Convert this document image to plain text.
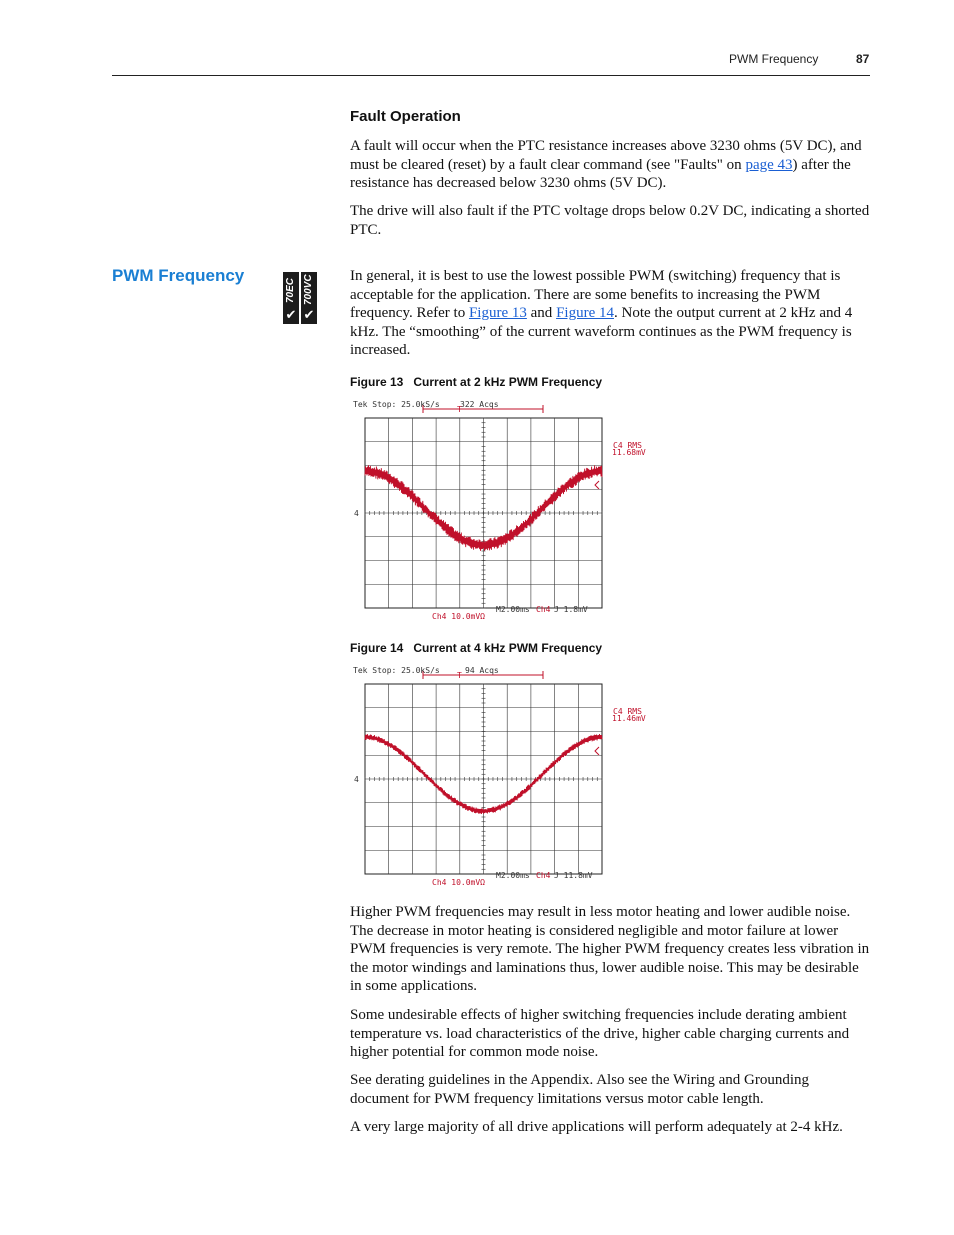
PWM Frequency	87
Fault Operation

A fault will occur when the PTC resistance increases above 3230 ohms (5V DC), and must be cleared (reset) by a fault clear command (see "Faults" on page 43) after the resistance has decreased below 3230 ohms (5V DC).

The drive will also fault if the PTC voltage drops below 0.2V DC, indicating a shorted PTC.

PWM Frequency
70EC
✔
700VC
✔

In general, it is best to use the lowest possible PWM (switching) frequency that is acceptable for the application. There are some benefits to increasing the PWM frequency. Refer to Figure 13 and Figure 14. Note the output current at 2 kHz and 4 kHz. The “smoothing” of the current waveform continues as the PWM frequency is increased.

Figure 13 Current at 2 kHz PWM Frequency
Tek Stop: 25.0kS/s	322 Acqs
T
C4 RMS
11.68mV
4
Ch4 10.0mVΩ
M2.00ms Ch4 J 1.8mV
Figure 14 Current at 4 kHz PWM Frequency
Tek Stop: 25.0kS/s	94 Acqs
T
C4 RMS
11.46mV
4
Ch4 10.0mVΩ
M2.00ms Ch4 J 11.8mV

Higher PWM frequencies may result in less motor heating and lower audible noise. The decrease in motor heating is considered negligible and motor failure at lower PWM frequencies is very remote. The higher PWM frequency creates less vibration in the motor windings and laminations thus, lower audible noise. This may be desirable in some applications.

Some undesirable effects of higher switching frequencies include derating ambient temperature vs. load characteristics of the drive, higher cable charging currents and higher potential for common mode noise.

See derating guidelines in the Appendix. Also see the Wiring and Grounding document for PWM frequency limitations versus motor cable length.

A very large majority of all drive applications will perform adequately at 2-4 kHz.
